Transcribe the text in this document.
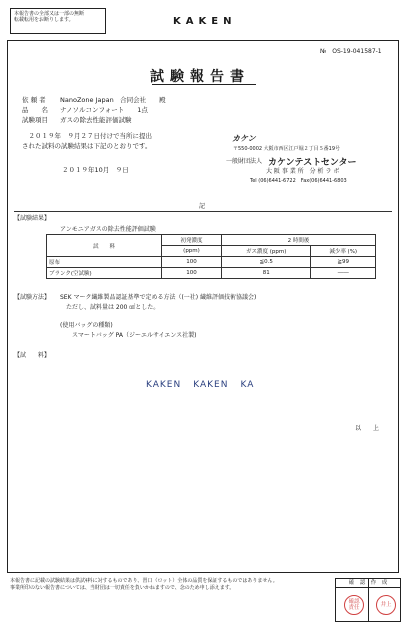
本報告書の全部又は一部の無断
転載転用をお断りします。	KAKEN
№　OS-19-041587-1
試験報告書
依 頼 者 NanoZone Japan　合同会社　　殿
品　　名 ナノソルコンフォート　　1点
試験項目 ガスの除去性能評価試験
　２０１９年　９月２７日付けで当所に提出
された試料の試験結果は下記のとおりです。
２０１９年10月　９日
カケン
〒550-0002 大阪市西区江戸堀２丁目５番19号
一般財団法人 カケンテストセンター
大 阪 事 業 所　分 析 ラ ボ
Tel (06)6441-6722　Fax(06)6441-6803
記
【試験結果】
アンモニアガスの除去性能評価試験
試　　料	初発濃度	2 時間後	
	(ppm)	ガス濃度 (ppm)	減少率 (%)
原布	100	≦0.5	≧99
ブランク(空試験)	100	81	――
【試験方法】 SEK マーク繊維製品認証基準で定める方法（(一社) 繊維評価技術協議会)
ただし、試料量は 200 ㎠とした。
(使用バッグの種類)
スマートバッグ PA（ジーエルサイエンス社製)
【試　　料】
KAKEN KAKEN KA
以　　上
本報告書に記載の試験結果は供試ｷ料に対するものであり、習口（ロット）全体の品質を保証するものではありません。
事業所印のない報告書については、当財団は一切責任を負いかねますので、念のため申し添えます。
確　認　作　成
確認 責任	井上
